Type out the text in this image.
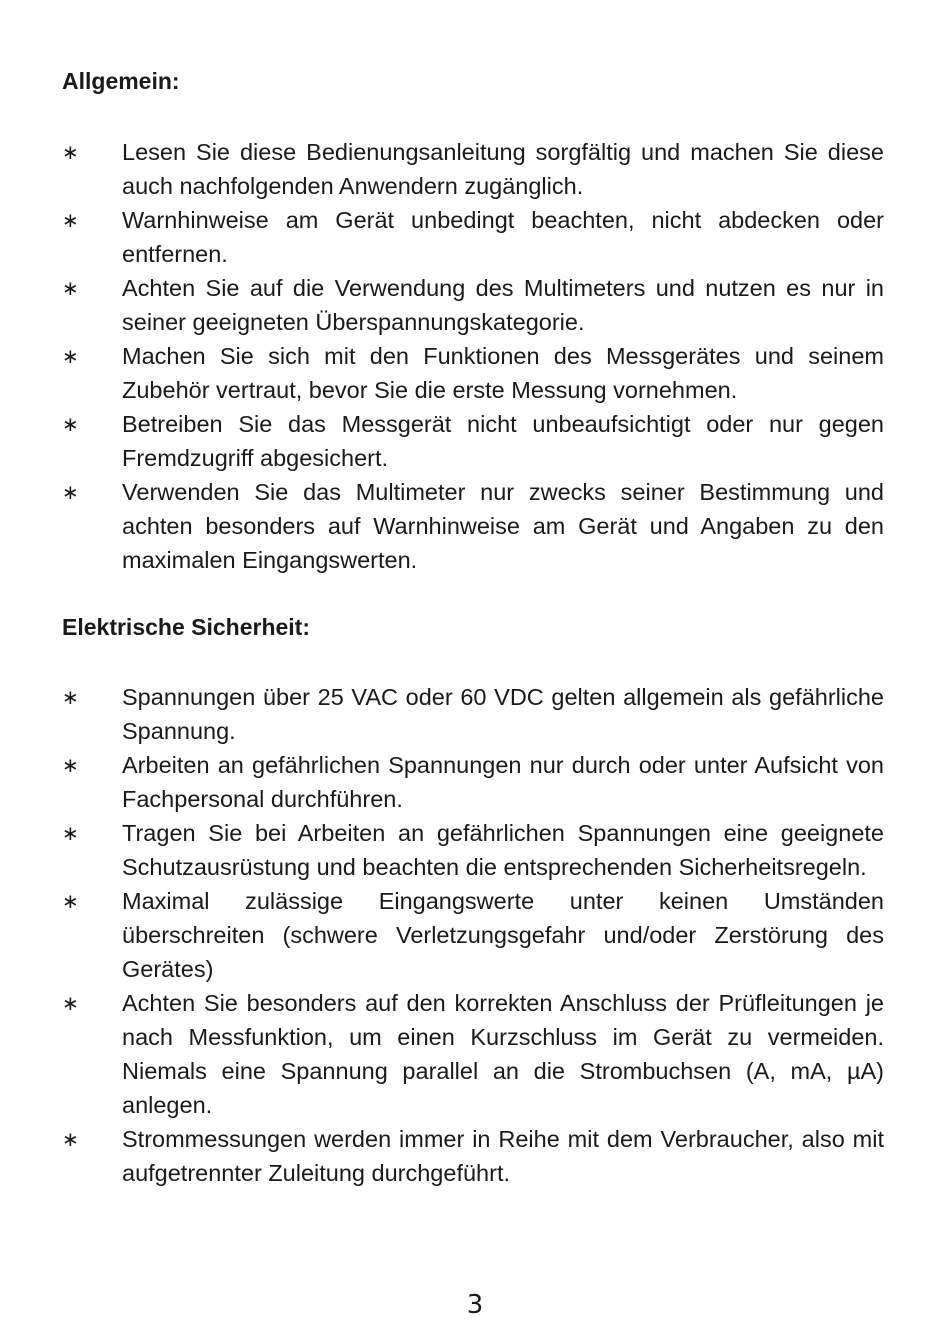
Allgemein:
∗ Lesen Sie diese Bedienungsanleitung sorgfältig und machen Sie diese auch nachfolgenden Anwendern zugänglich.
∗ Warnhinweise am Gerät unbedingt beachten, nicht abdecken oder entfernen.
∗ Achten Sie auf die Verwendung des Multimeters und nutzen es nur in seiner geeigneten Überspannungskategorie.
∗ Machen Sie sich mit den Funktionen des Messgerätes und seinem Zubehör vertraut, bevor Sie die erste Messung vornehmen.
∗ Betreiben Sie das Messgerät nicht unbeaufsichtigt oder nur gegen Fremdzugriff abgesichert.
∗ Verwenden Sie das Multimeter nur zwecks seiner Bestimmung und achten besonders auf Warnhinweise am Gerät und Angaben zu den maximalen Eingangswerten.
Elektrische Sicherheit:
∗ Spannungen über 25 VAC oder 60 VDC gelten allgemein als gefährliche Spannung.
∗ Arbeiten an gefährlichen Spannungen nur durch oder unter Aufsicht von Fachpersonal durchführen.
∗ Tragen Sie bei Arbeiten an gefährlichen Spannungen eine geeignete Schutzausrüstung und beachten die entsprechenden Sicherheitsregeln.
∗ Maximal zulässige Eingangswerte unter keinen Umständen überschreiten (schwere Verletzungsgefahr und/oder Zerstörung des Gerätes)
∗ Achten Sie besonders auf den korrekten Anschluss der Prüfleitungen je nach Messfunktion, um einen Kurzschluss im Gerät zu vermeiden. Niemals eine Spannung parallel an die Strombuchsen (A, mA, µA) anlegen.
∗ Strommessungen werden immer in Reihe mit dem Verbraucher, also mit aufgetrennter Zuleitung durchgeführt.
3
